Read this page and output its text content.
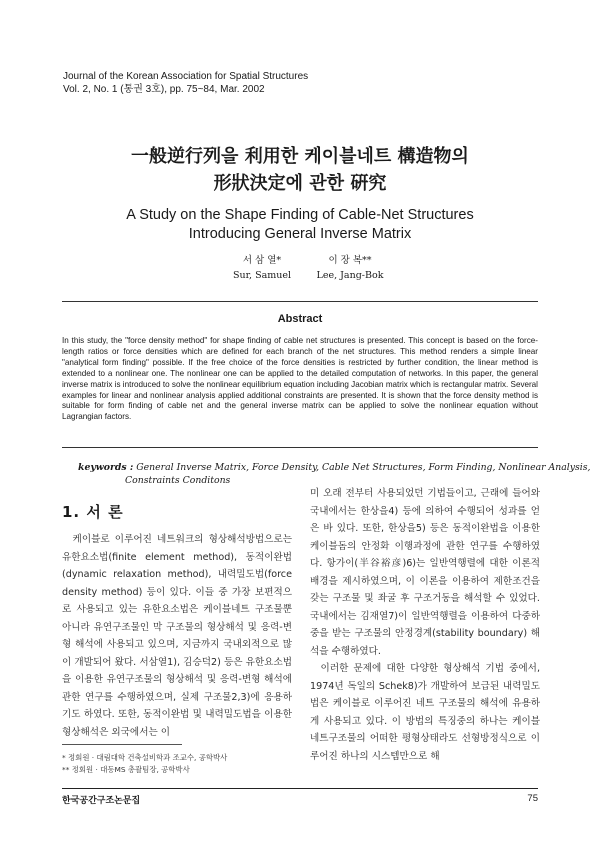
Journal of the Korean Association for Spatial Structures
Vol. 2, No. 1 (통권 3호), pp. 75~84, Mar. 2002
一般逆行列을 利用한 케이블네트 構造物의
形狀決定에 관한 硏究
A Study on the Shape Finding of Cable-Net Structures
Introducing General Inverse Matrix
서 삼 열*
Sur, Samuel
이 장 복**
Lee, Jang-Bok
Abstract
In this study, the "force density method" for shape finding of cable net structures is presented. This concept is based on the force-length ratios or force densities which are defined for each branch of the net structures. This method renders a simple linear "analytical form finding" possible. If the free choice of the force densities is restricted by further condition, the linear method is extended to a nonlinear one. The nonlinear one can be applied to the detailed computation of networks. In this paper, the general inverse matrix is introduced to solve the nonlinear equilibrium equation including Jacobian matrix which is rectangular matrix. Several examples for linear and nonlinear analysis applied additional constraints are presented. It is shown that the force density method is suitable for form finding of cable net and the general inverse matrix can be applied to solve the nonlinear equation without Lagrangian factors.
keywords : General Inverse Matrix, Force Density, Cable Net Structures, Form Finding, Nonlinear Analysis,
Constraints Conditons
1. 서 론

케이블로 이루어진 네트워크의 형상해석방법으로는 유한요소법(finite element method), 동적이완법(dynamic relaxation method), 내력밀도법(force density method) 등이 있다. 이들 중 가장 보편적으로 사용되고 있는 유한요소법은 케이블네트 구조물뿐 아니라 유연구조물인 막 구조물의 형상해석 및 응력-변형 해석에 사용되고 있으며, 지금까지 국내외적으로 많이 개발되어 왔다. 서삼열1), 김승덕2) 등은 유한요소법을 이용한 유연구조물의 형상해석 및 응력-변형 해석에 관한 연구를 수행하였으며, 실제 구조물2,3)에 응용하기도 하였다. 또한, 동적이완법 및 내력밀도법을 이용한 형상해석은 외국에서는 이

미 오래 전부터 사용되었던 기법들이고, 근래에 들어와 국내에서는 한상을4) 등에 의하여 수행되어 성과를 얻은 바 있다. 또한, 한상을5) 등은 동적이완법을 이용한 케이블돔의 안정화 이행과정에 관한 연구를 수행하였다. 항가이(半谷裕彦)6)는 일반역행렬에 대한 이론적 배경을 제시하였으며, 이 이론을 이용하여 제한조건을 갖는 구조물 및 좌굴 후 구조거동을 해석할 수 있었다. 국내에서는 김재열7)이 일반역행렬을 이용하여 다중하중을 받는 구조물의 안정경계(stability boundary) 해석을 수행하였다.

이러한 문제에 대한 다양한 형상해석 기법 중에서, 1974년 독일의 Schek8)가 개발하여 보급된 내력밀도법은 케이블로 이루어진 네트 구조물의 해석에 유용하게 사용되고 있다. 이 방법의 특징중의 하나는 케이블 네트구조물의 어떠한 평형상태라도 선형방정식으로 이루어진 하나의 시스템만으로 해

* 정회원 · 대림대학 건축설비학과 조교수, 공학박사
** 정회원 · 대동MS 총괄팀장, 공학박사
한국공간구조논문집	75
